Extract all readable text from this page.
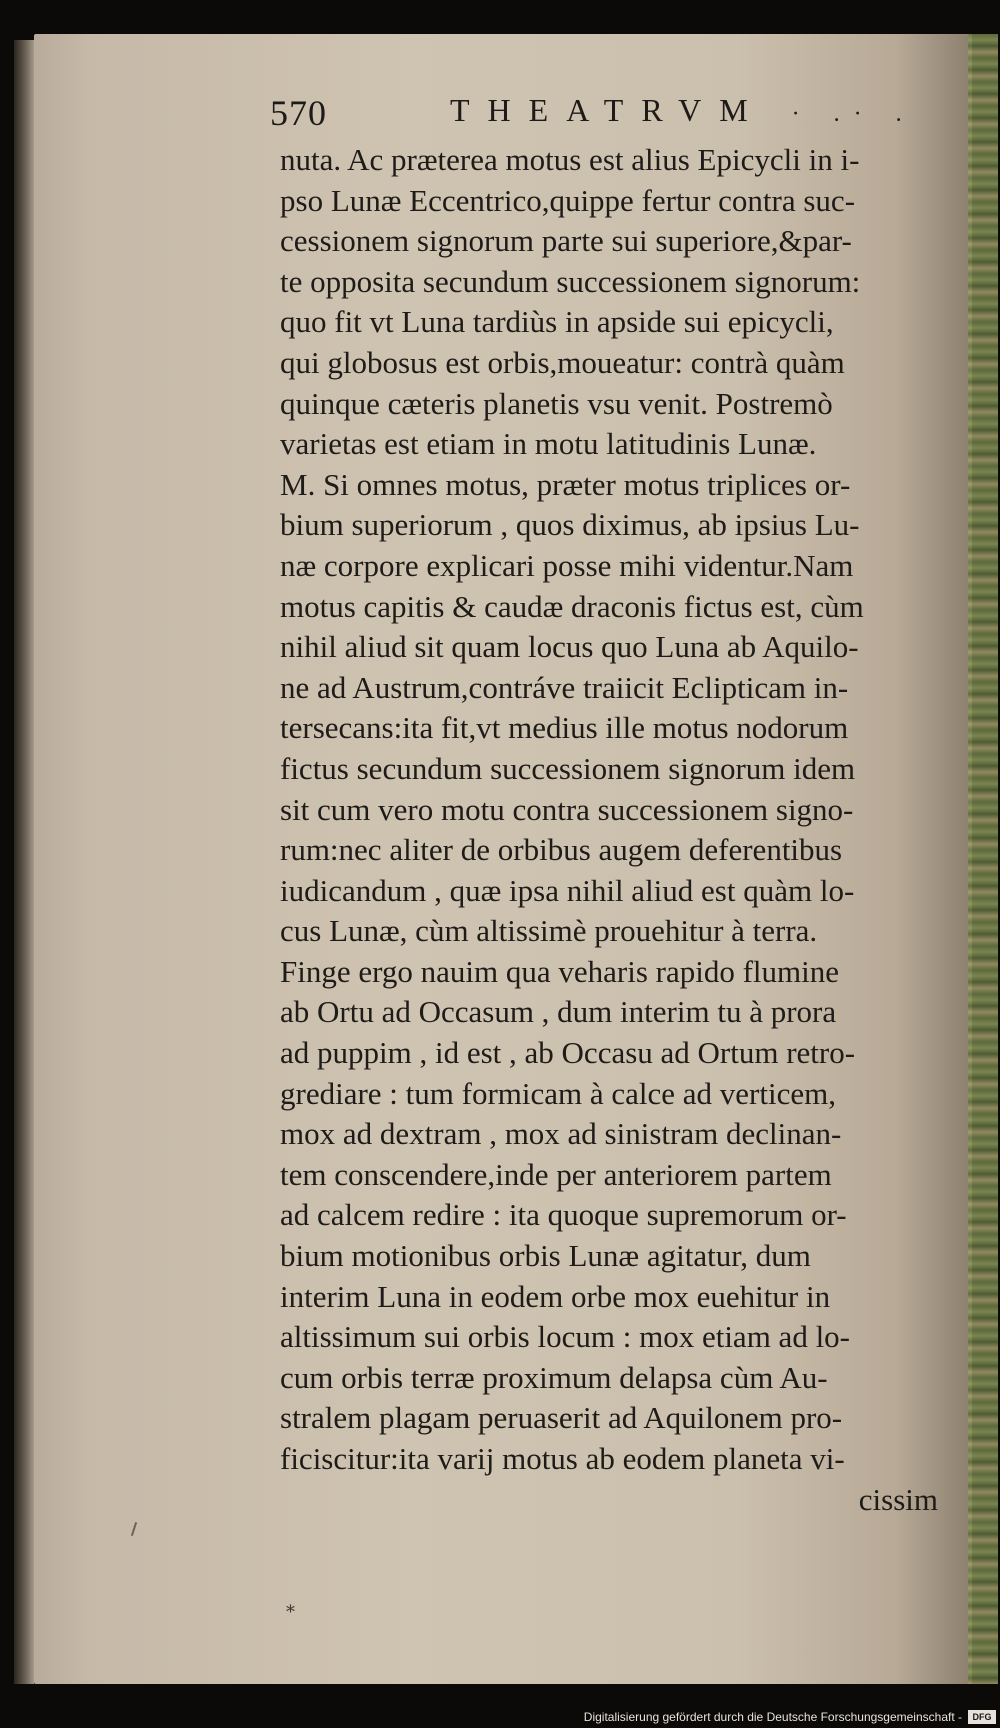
570	THEATRVM · .· .
nuta. Ac præterea motus est alius Epicycli in i-
pso Lunæ Eccentrico,quippe fertur contra suc-
cessionem signorum parte sui superiore,&par-
te opposita secundum successionem signorum:
quo fit vt Luna tardiùs in apside sui epicycli,
qui globosus est orbis,moueatur: contrà quàm
quinque cæteris planetis vsu venit. Postremò
varietas est etiam in motu latitudinis Lunæ.
M. Si omnes motus, præter motus triplices or-
bium superiorum , quos diximus, ab ipsius Lu-
næ corpore explicari posse mihi videntur.Nam
motus capitis & caudæ draconis fictus est, cùm
nihil aliud sit quam locus quo Luna ab Aquilo-
ne ad Austrum,contráve traiicit Eclipticam in-
tersecans:ita fit,vt medius ille motus nodorum
fictus secundum successionem signorum idem
sit cum vero motu contra successionem signo-
rum:nec aliter de orbibus augem deferentibus
iudicandum , quæ ipsa nihil aliud est quàm lo-
cus Lunæ, cùm altissimè prouehitur à terra.
Finge ergo nauim qua veharis rapido flumine
ab Ortu ad Occasum , dum interim tu à prora
ad puppim , id est , ab Occasu ad Ortum retro-
grediare : tum formicam à calce ad verticem,
mox ad dextram , mox ad sinistram declinan-
tem conscendere,inde per anteriorem partem
ad calcem redire : ita quoque supremorum or-
bium motionibus orbis Lunæ agitatur, dum
interim Luna in eodem orbe mox euehitur in
altissimum sui orbis locum : mox etiam ad lo-
cum orbis terræ proximum delapsa cùm Au-
stralem plagam peruaserit ad Aquilonem pro-
ficiscitur:ita varij motus ab eodem planeta vi-
cissim
⁎
Digitalisierung gefördert durch die Deutsche Forschungsgemeinschaft -	DFG
